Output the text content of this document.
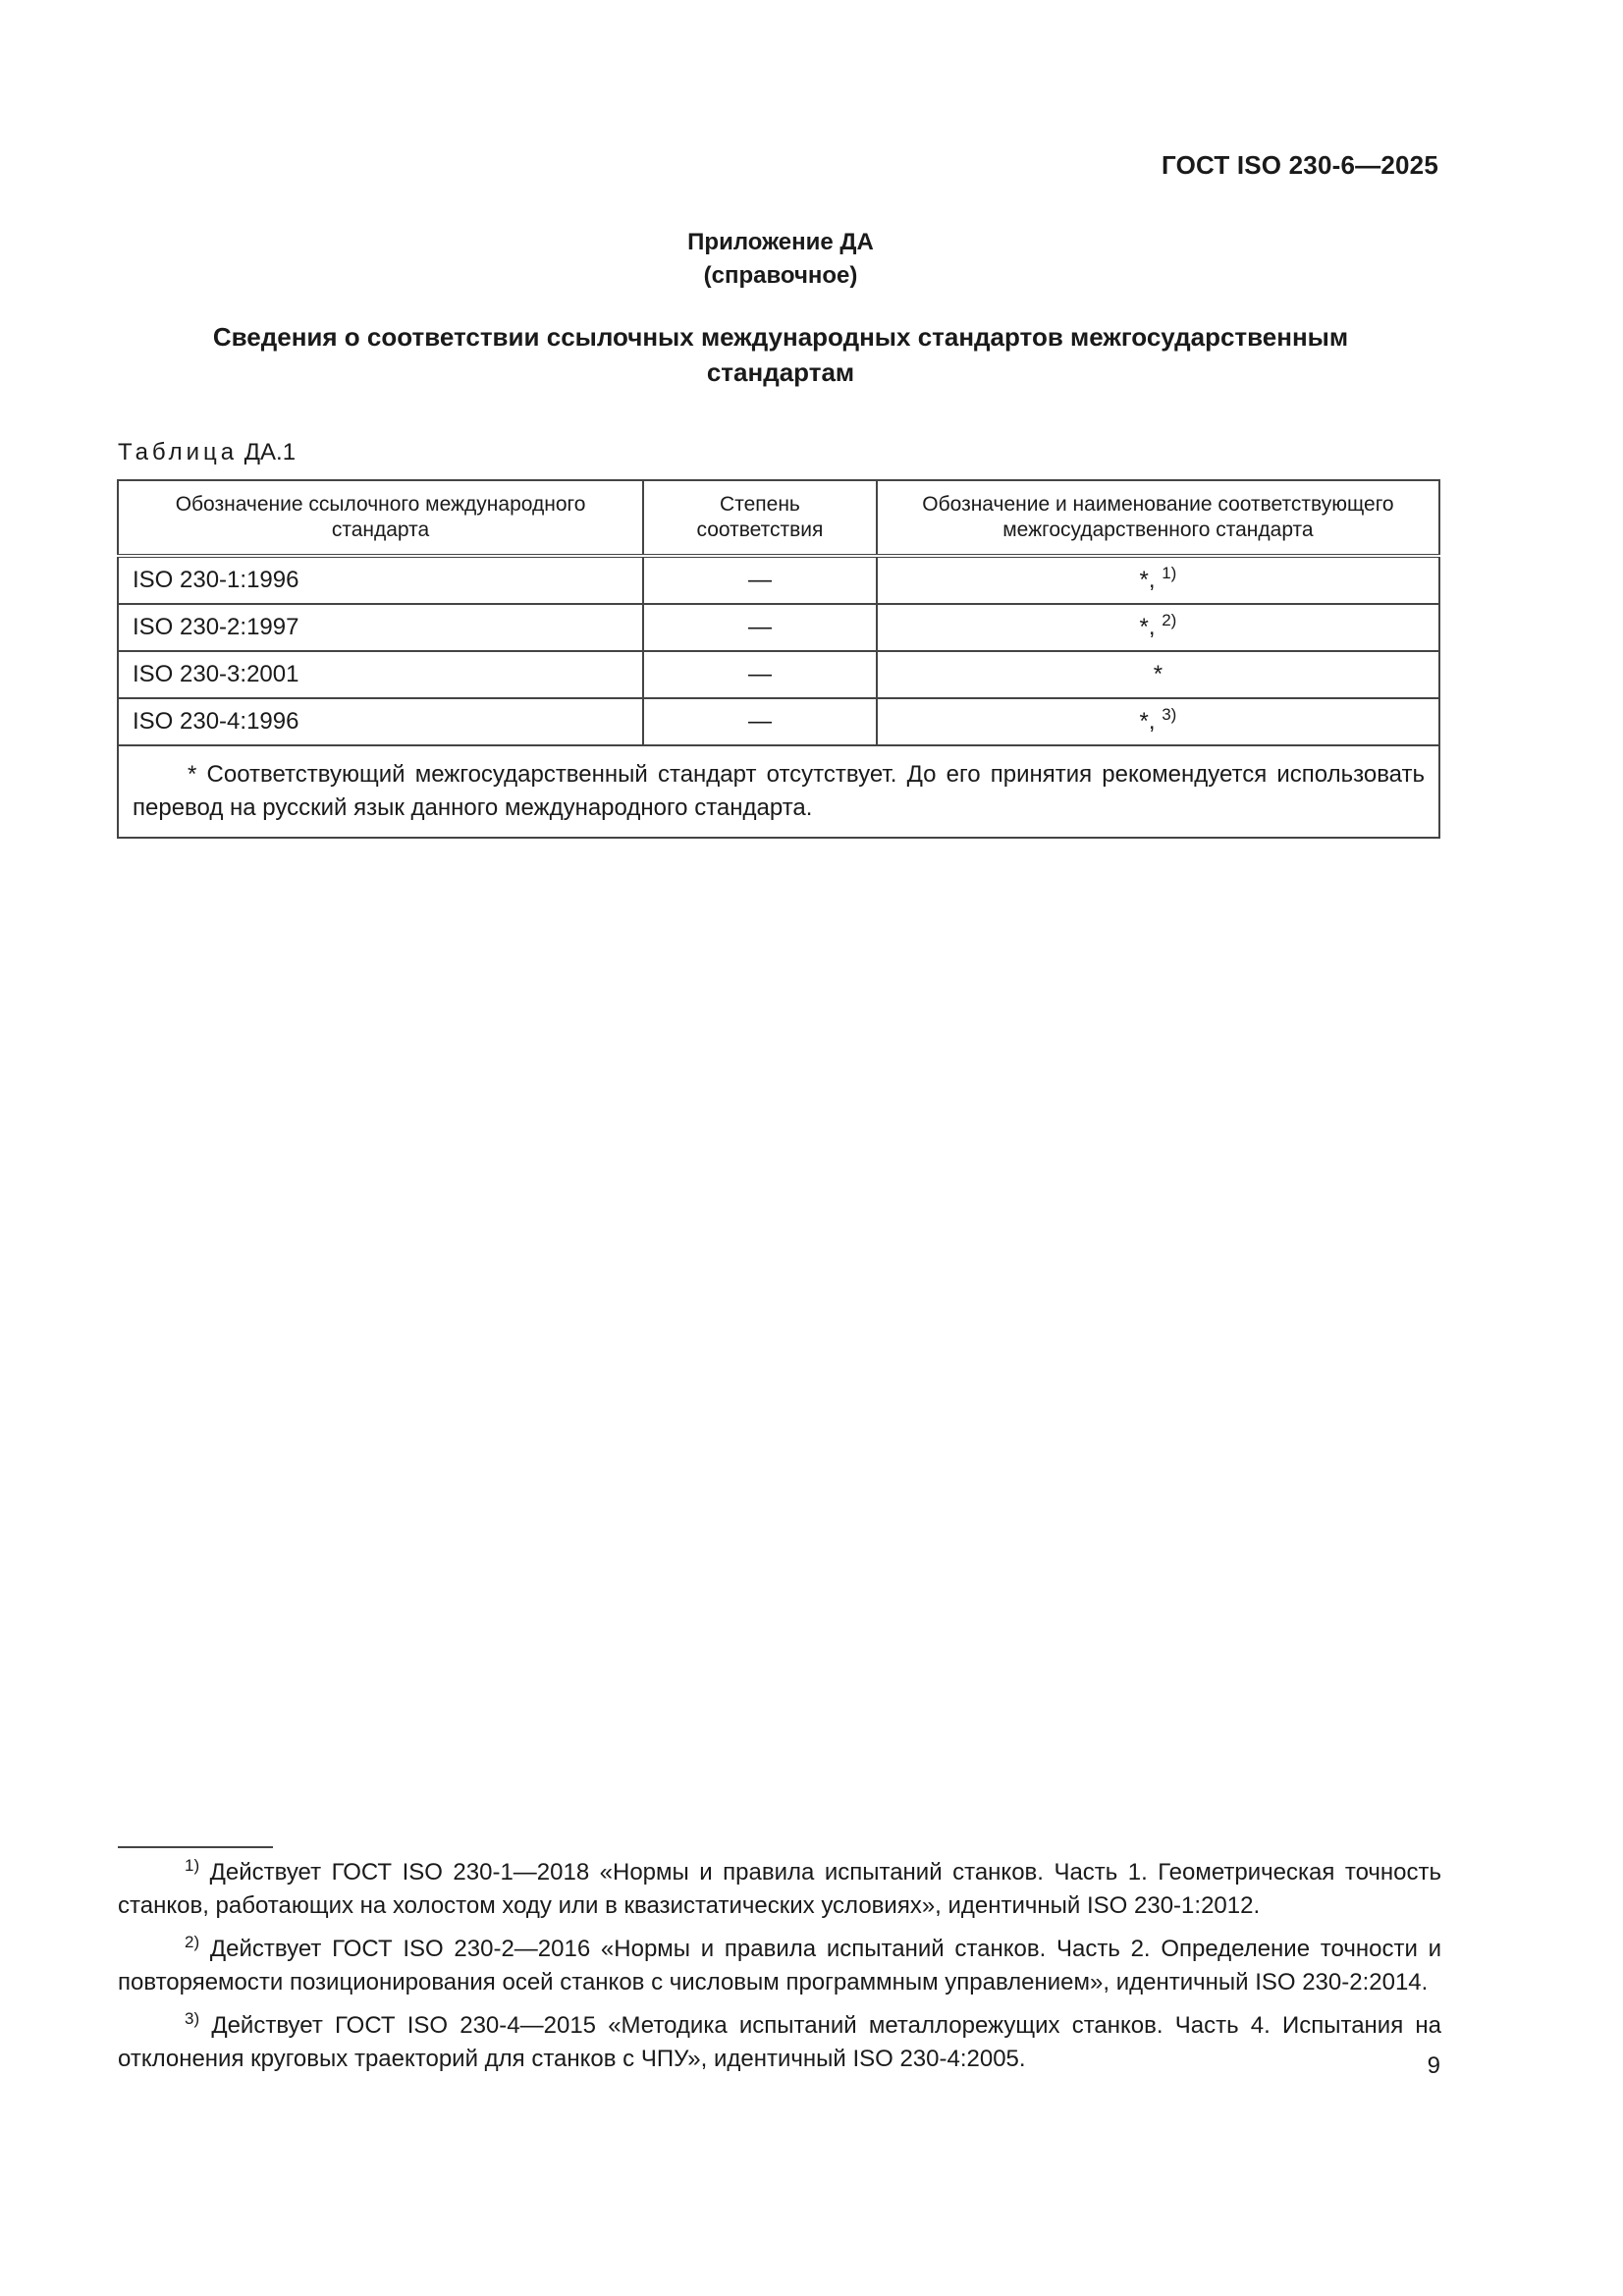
ГОСТ ISO 230-6—2025
Приложение ДА
(справочное)
Сведения о соответствии ссылочных международных стандартов межгосударственным стандартам
Таблица ДА.1
Обозначение ссылочного международного стандарта	Степень соответствия	Обозначение и наименование соответствующего межгосударственного стандарта
ISO 230-1:1996	—	*, $^{1)}$
ISO 230-2:1997	—	*, $^{2)}$
ISO 230-3:2001	—	*
ISO 230-4:1996	—	*, $^{3)}$

* Соответствующий межгосударственный стандарт отсутствует. До его принятия рекомендуется использовать перевод на русский язык данного международного стандарта.		

$^{1)}$ Действует ГОСТ ISO 230-1—2018 «Нормы и правила испытаний станков. Часть 1. Геометрическая точность станков, работающих на холостом ходу или в квазистатических условиях», идентичный ISO 230-1:2012.

$^{2)}$ Действует ГОСТ ISO 230-2—2016 «Нормы и правила испытаний станков. Часть 2. Определение точности и повторяемости позиционирования осей станков с числовым программным управлением», идентичный ISO 230-2:2014.

$^{3)}$ Действует ГОСТ ISO 230-4—2015 «Методика испытаний металлорежущих станков. Часть 4. Испытания на отклонения круговых траекторий для станков с ЧПУ», идентичный ISO 230-4:2005.	9
